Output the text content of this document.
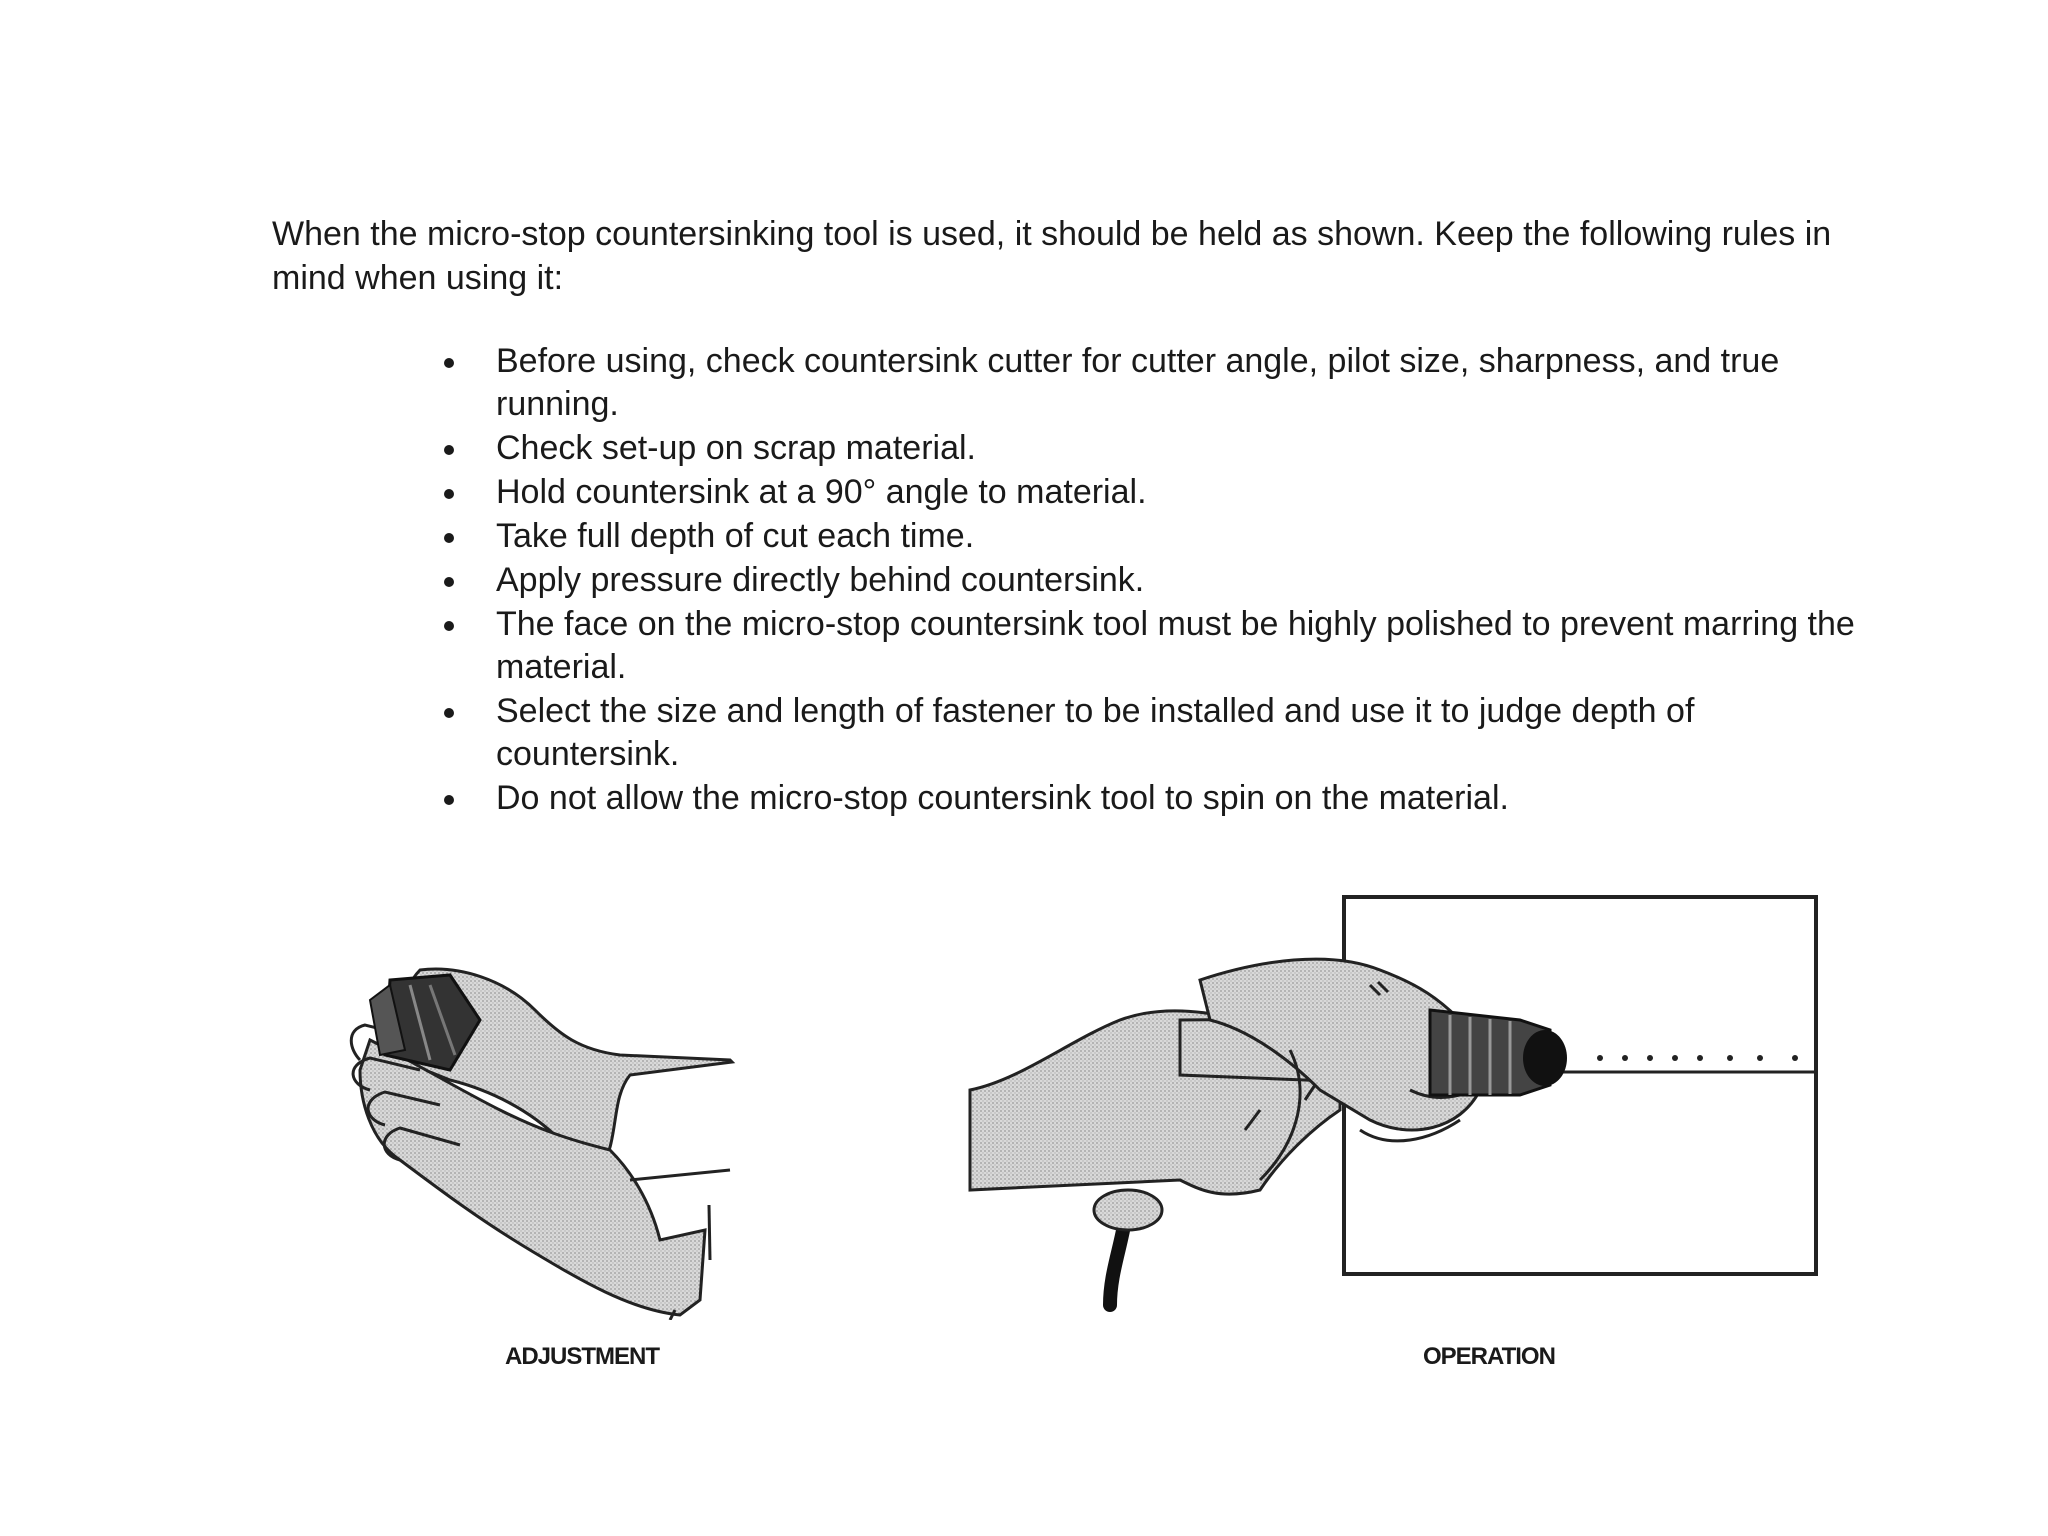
When the micro-stop countersinking tool is used, it should be held as shown. Keep the following rules in mind when using it:

Before using, check countersink cutter for cutter angle, pilot size, sharpness, and true running.
Check set-up on scrap material.
Hold countersink at a 90° angle to material.
Take full depth of cut each time.
Apply pressure directly behind countersink.
The face on the micro-stop countersink tool must be highly polished to prevent marring the material.
Select the size and length of fastener to be installed and use it to judge depth of countersink.
Do not allow the micro-stop countersink tool to spin on the material.
ADJUSTMENT	OPERATION
